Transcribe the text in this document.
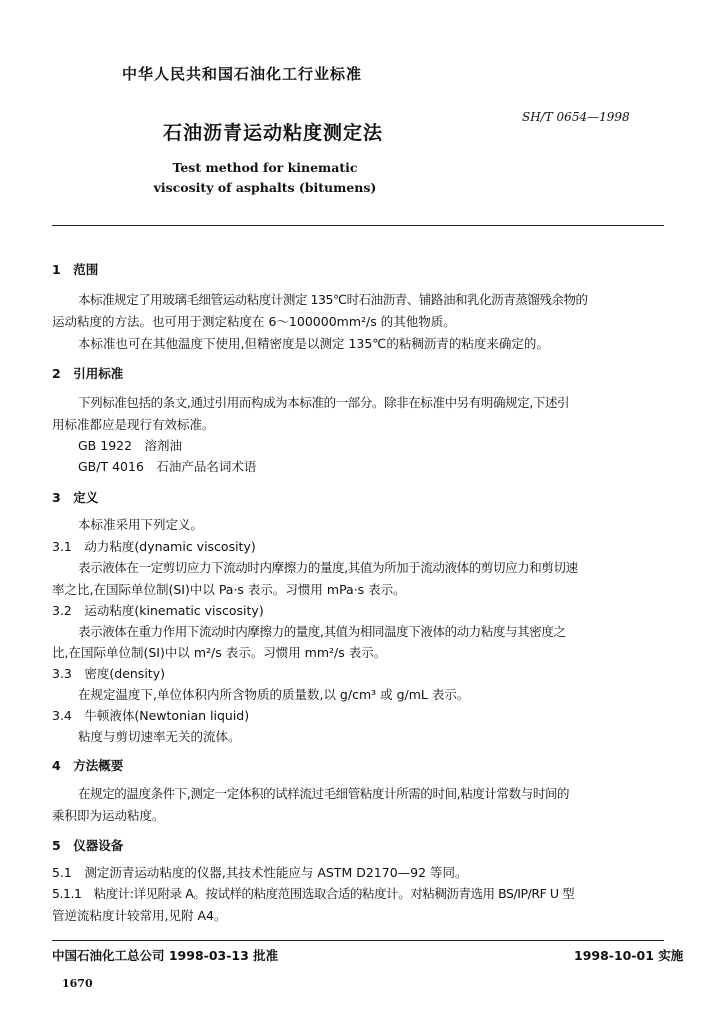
中华人民共和国石油化工行业标准
SH/T 0654—1998
石油沥青运动粘度测定法
Test method for kinematic
viscosity of asphalts (bitumens)
1　范围
本标准规定了用玻璃毛细管运动粘度计测定 135℃时石油沥青、铺路油和乳化沥青蒸馏残余物的
运动粘度的方法。也可用于测定粘度在 6～100000mm²/s 的其他物质。
本标准也可在其他温度下使用,但精密度是以测定 135℃的粘稠沥青的粘度来确定的。
2　引用标准
下列标准包括的条文,通过引用而构成为本标准的一部分。除非在标准中另有明确规定,下述引
用标准都应是现行有效标准。
GB 1922　溶剂油
GB/T 4016　石油产品名词术语
3　定义
本标准采用下列定义。
3.1　动力粘度(dynamic viscosity)
表示液体在一定剪切应力下流动时内摩擦力的量度,其值为所加于流动液体的剪切应力和剪切速
率之比,在国际单位制(SI)中以 Pa·s 表示。习惯用 mPa·s 表示。
3.2　运动粘度(kinematic viscosity)
表示液体在重力作用下流动时内摩擦力的量度,其值为相同温度下液体的动力粘度与其密度之
比,在国际单位制(SI)中以 m²/s 表示。习惯用 mm²/s 表示。
3.3　密度(density)
在规定温度下,单位体积内所含物质的质量数,以 g/cm³ 或 g/mL 表示。
3.4　牛顿液体(Newtonian liquid)
粘度与剪切速率无关的流体。
4　方法概要
在规定的温度条件下,测定一定体积的试样流过毛细管粘度计所需的时间,粘度计常数与时间的
乘积即为运动粘度。
5　仪器设备
5.1　测定沥青运动粘度的仪器,其技术性能应与 ASTM D2170—92 等同。
5.1.1　粘度计:详见附录 A。按试样的粘度范围选取合适的粘度计。对粘稠沥青选用 BS/IP/RF U 型
管逆流粘度计较常用,见附 A4。
中国石油化工总公司 1998-03-13 批准	1998-10-01 实施
1670
